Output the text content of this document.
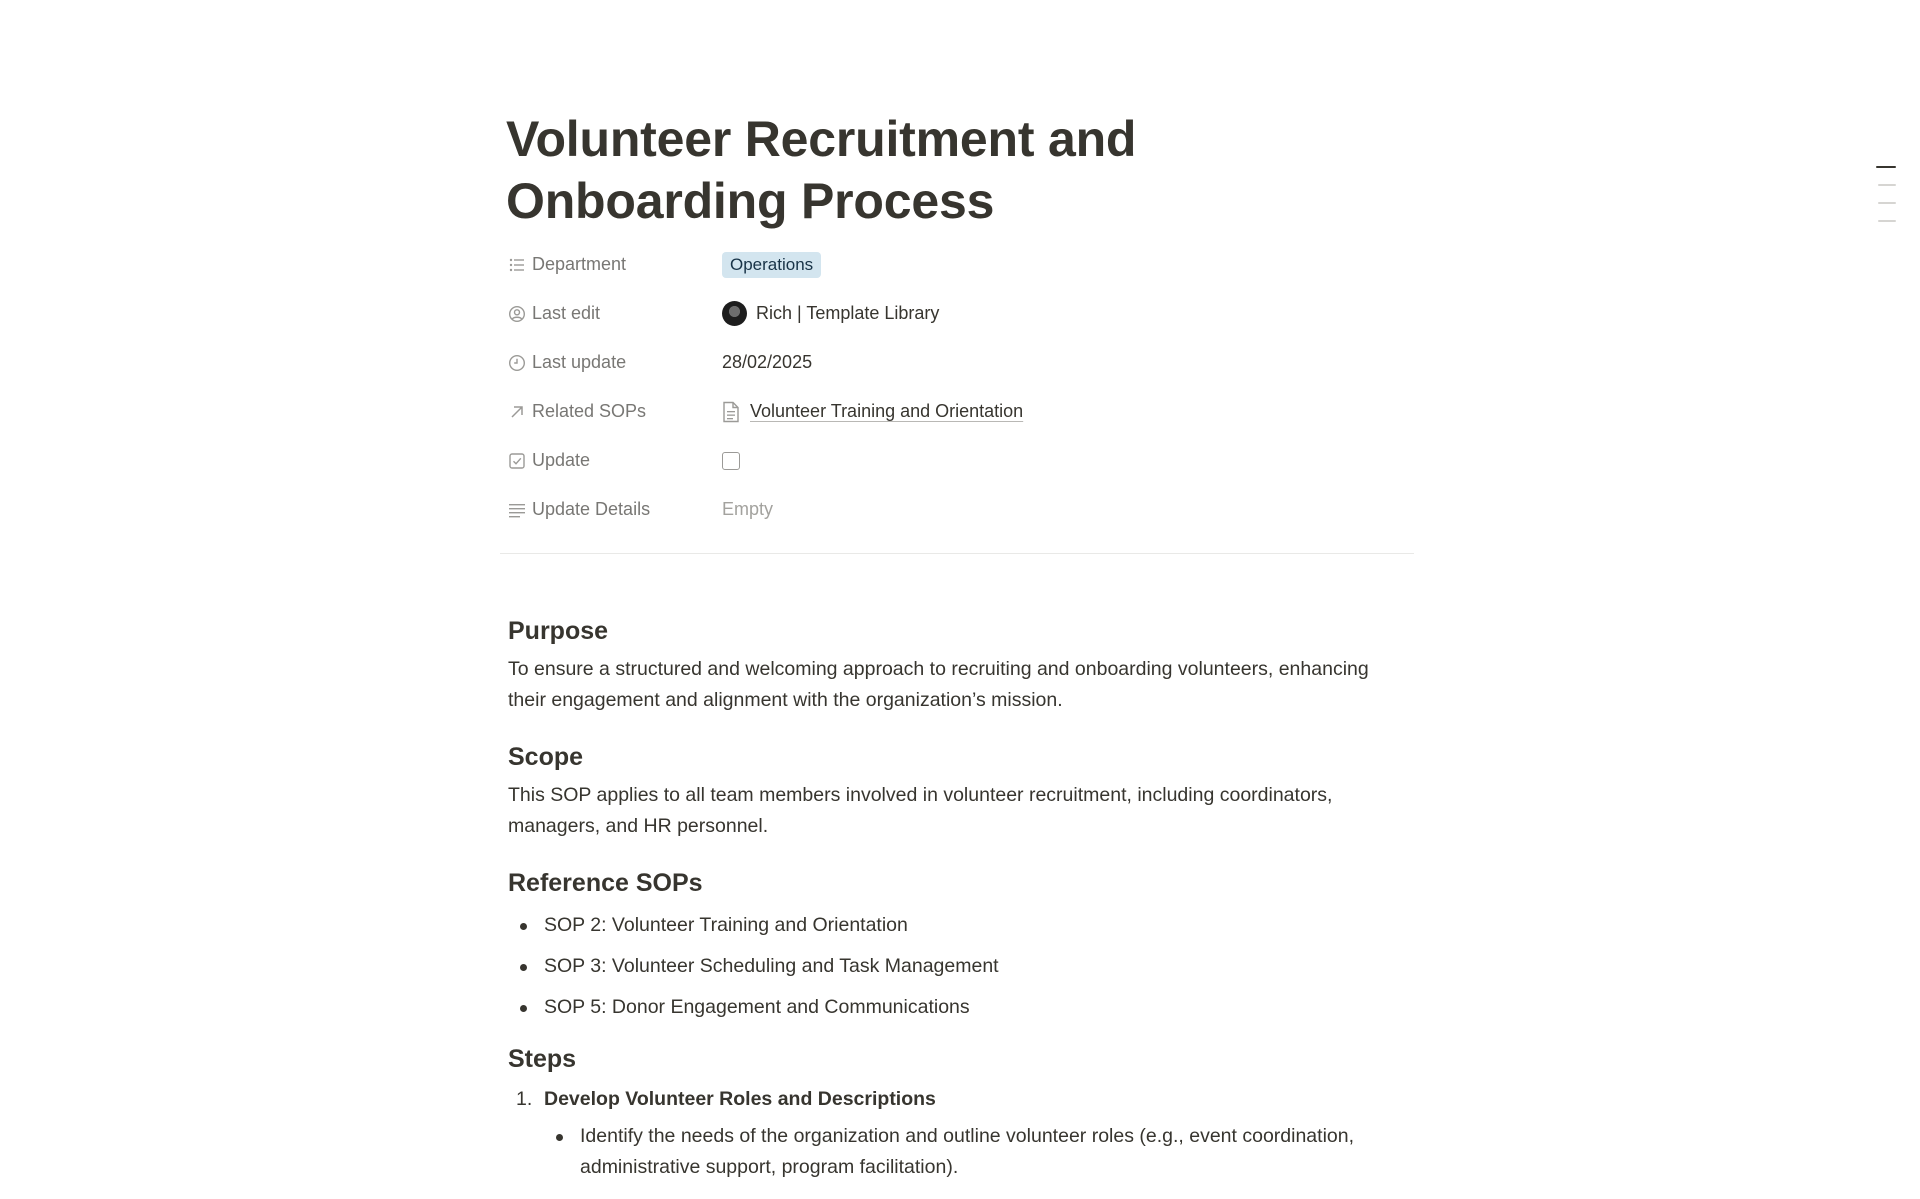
Volunteer Recruitment and Onboarding Process
Department	Operations
Last edit	Rich | Template Library
Last update	28/02/2025
Related SOPs	Volunteer Training and Orientation
Update
Update Details	Empty
Purpose

To ensure a structured and welcoming approach to recruiting and onboarding volunteers, enhancing their engagement and alignment with the organization’s mission.

Scope

This SOP applies to all team members involved in volunteer recruitment, including coordinators, managers, and HR personnel.

Reference SOPs
SOP 2: Volunteer Training and Orientation
SOP 3: Volunteer Scheduling and Task Management
SOP 5: Donor Engagement and Communications
Steps
1. Develop Volunteer Roles and Descriptions
Identify the needs of the organization and outline volunteer roles (e.g., event coordination, administrative support, program facilitation).
